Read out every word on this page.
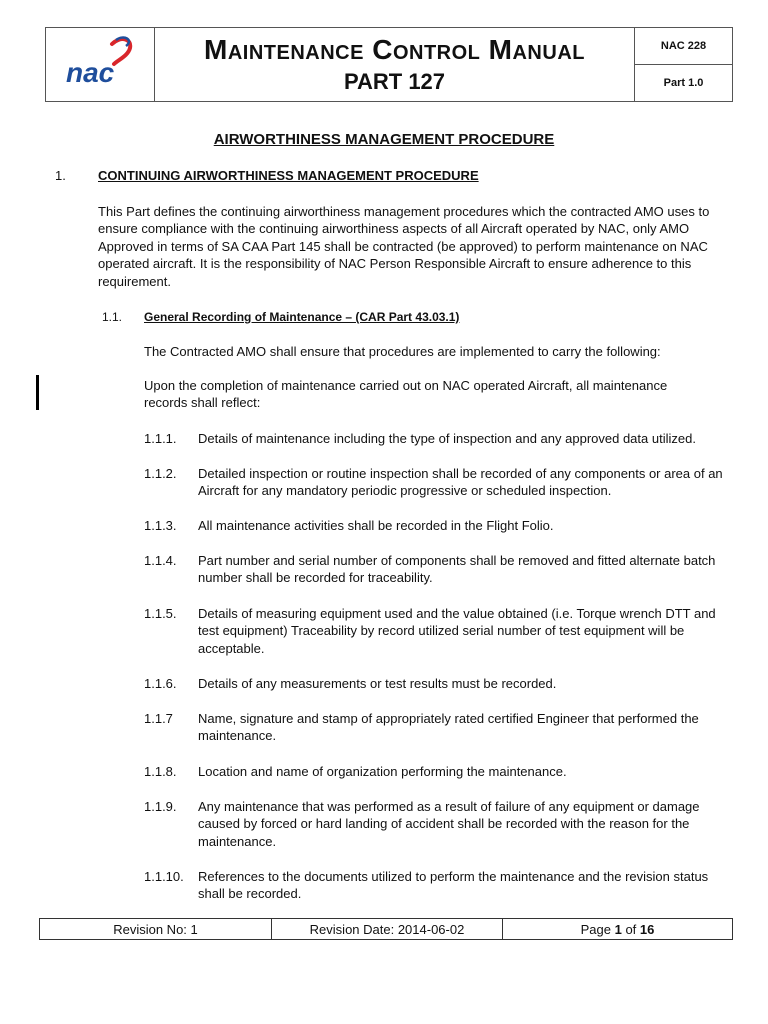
nac

Maintenance Control Manual
PART 127
	NAC 228
Part 1.0
AIRWORTHINESS MANAGEMENT PROCEDURE
1. CONTINUING AIRWORTHINESS MANAGEMENT PROCEDURE
This Part defines the continuing airworthiness management procedures which the contracted AMO uses to ensure compliance with the continuing airworthiness aspects of all Aircraft operated by NAC, only AMO Approved in terms of SA CAA Part 145 shall be contracted (be approved) to perform maintenance on NAC operated aircraft. It is the responsibility of NAC Person Responsible Aircraft to ensure adherence to this requirement.
1.1. General Recording of Maintenance – (CAR Part 43.03.1)
The Contracted AMO shall ensure that procedures are implemented to carry the following:
Upon the completion of maintenance carried out on NAC operated Aircraft, all maintenance records shall reflect:
1.1.1. Details of maintenance including the type of inspection and any approved data utilized.
1.1.2. Detailed inspection or routine inspection shall be recorded of any components or area of an Aircraft for any mandatory periodic progressive or scheduled inspection.
1.1.3. All maintenance activities shall be recorded in the Flight Folio.
1.1.4. Part number and serial number of components shall be removed and fitted alternate batch number shall be recorded for traceability.
1.1.5. Details of measuring equipment used and the value obtained (i.e. Torque wrench DTT and test equipment) Traceability by record utilized serial number of test equipment will be acceptable.
1.1.6. Details of any measurements or test results must be recorded.
1.1.7 Name, signature and stamp of appropriately rated certified Engineer that performed the maintenance.
1.1.8. Location and name of organization performing the maintenance.
1.1.9. Any maintenance that was performed as a result of failure of any equipment or damage caused by forced or hard landing of accident shall be recorded with the reason for the maintenance.
1.1.10. References to the documents utilized to perform the maintenance and the revision status shall be recorded.
Revision No: 1	Revision Date: 2014-06-02	Page 1 of 16
